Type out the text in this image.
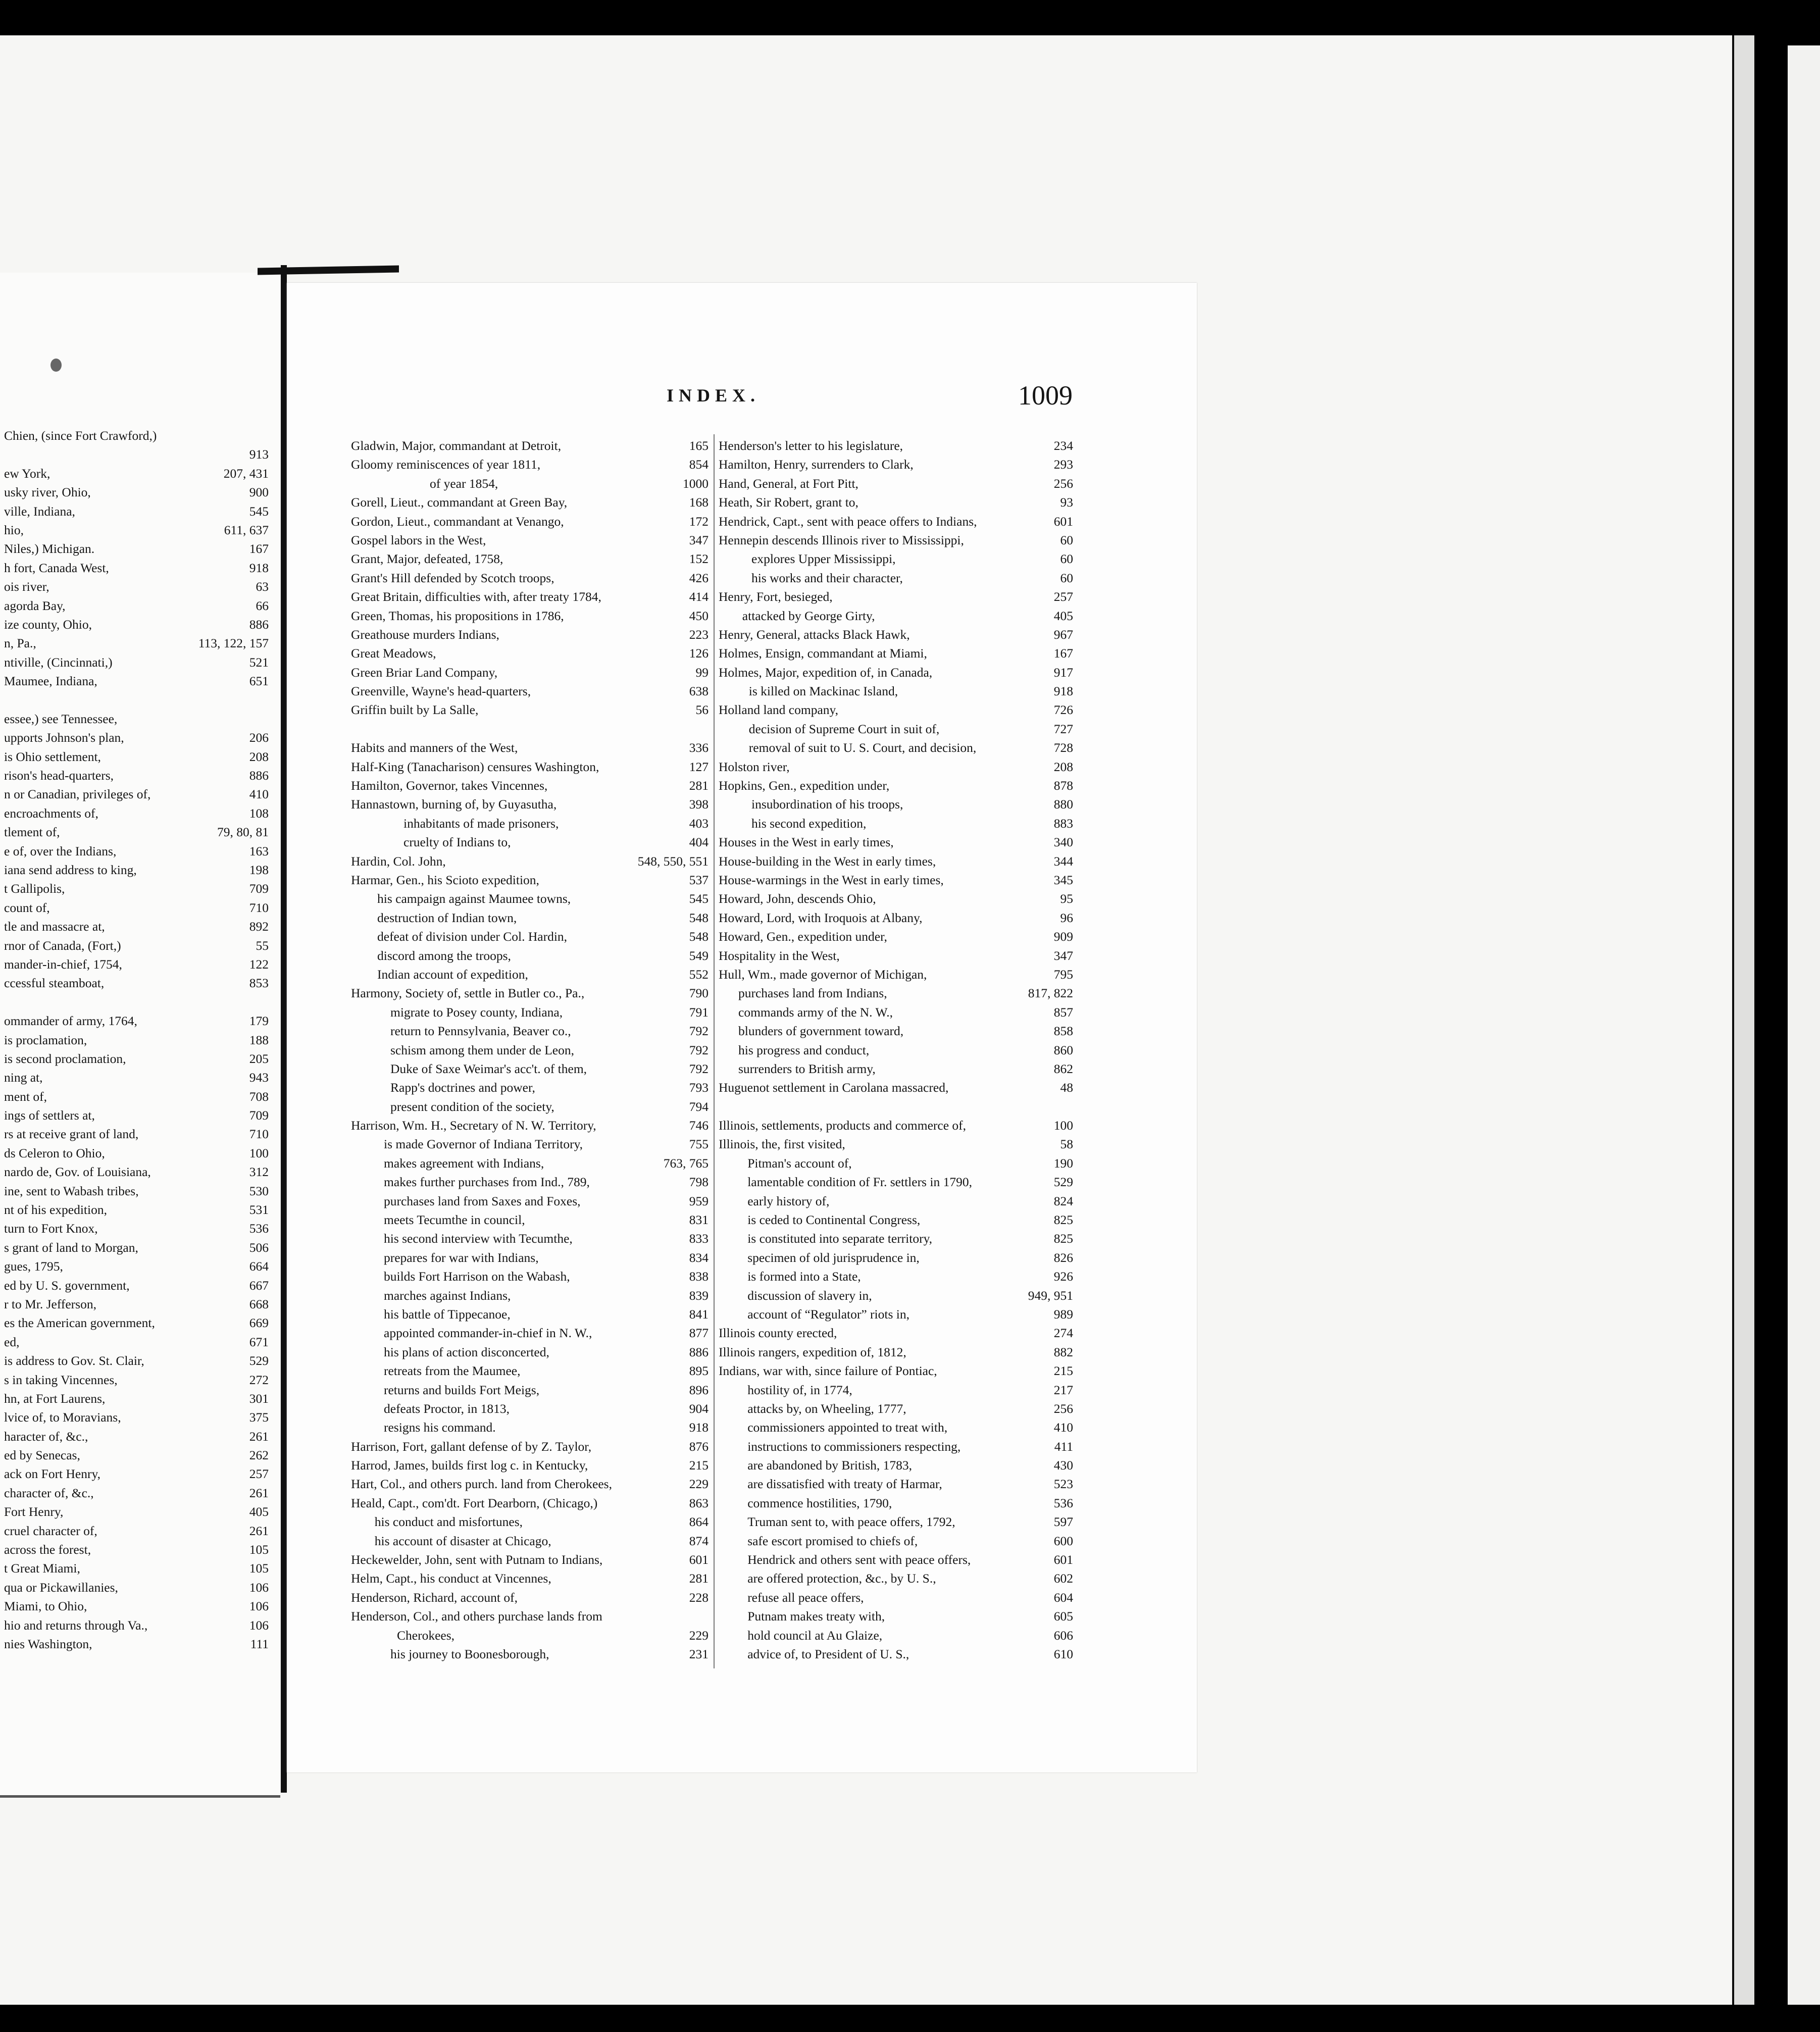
Chien, (since Fort Crawford,)
913
ew York,	207, 431
usky river, Ohio,	900
ville, Indiana,	545
hio,	611, 637
Niles,) Michigan.	167
h fort, Canada West,	918
ois river,	63
agorda Bay,	66
ize county, Ohio,	886
n, Pa.,	113, 122, 157
ntiville, (Cincinnati,)	521
Maumee, Indiana,	651
essee,) see Tennessee,
upports Johnson's plan,	206
is Ohio settlement,	208
rison's head-quarters,	886
n or Canadian, privileges of,	410
encroachments of,	108
tlement of,	79, 80, 81
e of, over the Indians,	163
iana send address to king,	198
t Gallipolis,	709
count of,	710
tle and massacre at,	892
rnor of Canada, (Fort,)	55
mander-in-chief, 1754,	122
ccessful steamboat,	853
ommander of army, 1764,	179
is proclamation,	188
is second proclamation,	205
ning at,	943
ment of,	708
ings of settlers at,	709
rs at receive grant of land,	710
ds Celeron to Ohio,	100
nardo de, Gov. of Louisiana,	312
ine, sent to Wabash tribes,	530
nt of his expedition,	531
turn to Fort Knox,	536
s grant of land to Morgan,	506
gues, 1795,	664
ed by U. S. government,	667
r to Mr. Jefferson,	668
es the American government,	669
ed,	671
is address to Gov. St. Clair,	529
s in taking Vincennes,	272
hn, at Fort Laurens,	301
lvice of, to Moravians,	375
haracter of, &c.,	261
ed by Senecas,	262
ack on Fort Henry,	257
character of, &c.,	261
Fort Henry,	405
cruel character of,	261
across the forest,	105
t Great Miami,	105
qua or Pickawillanies,	106
Miami, to Ohio,	106
hio and returns through Va.,	106
nies Washington,	111
INDEX.	1009
Gladwin, Major, commandant at Detroit,	165
Gloomy reminiscences of year 1811,	854
of year 1854,	1000
Gorell, Lieut., commandant at Green Bay,	168
Gordon, Lieut., commandant at Venango,	172
Gospel labors in the West,	347
Grant, Major, defeated, 1758,	152
Grant's Hill defended by Scotch troops,	426
Great Britain, difficulties with, after treaty 1784,	414
Green, Thomas, his propositions in 1786,	450
Greathouse murders Indians,	223
Great Meadows,	126
Green Briar Land Company,	99
Greenville, Wayne's head-quarters,	638
Griffin built by La Salle,	56
Habits and manners of the West,	336
Half-King (Tanacharison) censures Washington,	127
Hamilton, Governor, takes Vincennes,	281
Hannastown, burning of, by Guyasutha,	398
inhabitants of made prisoners,	403
cruelty of Indians to,	404
Hardin, Col. John,	548, 550, 551
Harmar, Gen., his Scioto expedition,	537
his campaign against Maumee towns,	545
destruction of Indian town,	548
defeat of division under Col. Hardin,	548
discord among the troops,	549
Indian account of expedition,	552
Harmony, Society of, settle in Butler co., Pa.,	790
migrate to Posey county, Indiana,	791
return to Pennsylvania, Beaver co.,	792
schism among them under de Leon,	792
Duke of Saxe Weimar's acc't. of them,	792
Rapp's doctrines and power,	793
present condition of the society,	794
Harrison, Wm. H., Secretary of N. W. Territory,	746
is made Governor of Indiana Territory,	755
makes agreement with Indians,	763, 765
makes further purchases from Ind., 789,	798
purchases land from Saxes and Foxes,	959
meets Tecumthe in council,	831
his second interview with Tecumthe,	833
prepares for war with Indians,	834
builds Fort Harrison on the Wabash,	838
marches against Indians,	839
his battle of Tippecanoe,	841
appointed commander-in-chief in N. W.,	877
his plans of action disconcerted,	886
retreats from the Maumee,	895
returns and builds Fort Meigs,	896
defeats Proctor, in 1813,	904
resigns his command.	918
Harrison, Fort, gallant defense of by Z. Taylor,	876
Harrod, James, builds first log c. in Kentucky,	215
Hart, Col., and others purch. land from Cherokees,	229
Heald, Capt., com'dt. Fort Dearborn, (Chicago,)	863
his conduct and misfortunes,	864
his account of disaster at Chicago,	874
Heckewelder, John, sent with Putnam to Indians,	601
Helm, Capt., his conduct at Vincennes,	281
Henderson, Richard, account of,	228
Henderson, Col., and others purchase lands from
Cherokees,	229
his journey to Boonesborough,	231
Henderson's letter to his legislature,	234
Hamilton, Henry, surrenders to Clark,	293
Hand, General, at Fort Pitt,	256
Heath, Sir Robert, grant to,	93
Hendrick, Capt., sent with peace offers to Indians,	601
Hennepin descends Illinois river to Mississippi,	60
explores Upper Mississippi,	60
his works and their character,	60
Henry, Fort, besieged,	257
attacked by George Girty,	405
Henry, General, attacks Black Hawk,	967
Holmes, Ensign, commandant at Miami,	167
Holmes, Major, expedition of, in Canada,	917
is killed on Mackinac Island,	918
Holland land company,	726
decision of Supreme Court in suit of,	727
removal of suit to U. S. Court, and decision,	728
Holston river,	208
Hopkins, Gen., expedition under,	878
insubordination of his troops,	880
his second expedition,	883
Houses in the West in early times,	340
House-building in the West in early times,	344
House-warmings in the West in early times,	345
Howard, John, descends Ohio,	95
Howard, Lord, with Iroquois at Albany,	96
Howard, Gen., expedition under,	909
Hospitality in the West,	347
Hull, Wm., made governor of Michigan,	795
purchases land from Indians,	817, 822
commands army of the N. W.,	857
blunders of government toward,	858
his progress and conduct,	860
surrenders to British army,	862
Huguenot settlement in Carolana massacred,	48
Illinois, settlements, products and commerce of,	100
Illinois, the, first visited,	58
Pitman's account of,	190
lamentable condition of Fr. settlers in 1790,	529
early history of,	824
is ceded to Continental Congress,	825
is constituted into separate territory,	825
specimen of old jurisprudence in,	826
is formed into a State,	926
discussion of slavery in,	949, 951
account of “Regulator” riots in,	989
Illinois county erected,	274
Illinois rangers, expedition of, 1812,	882
Indians, war with, since failure of Pontiac,	215
hostility of, in 1774,	217
attacks by, on Wheeling, 1777,	256
commissioners appointed to treat with,	410
instructions to commissioners respecting,	411
are abandoned by British, 1783,	430
are dissatisfied with treaty of Harmar,	523
commence hostilities, 1790,	536
Truman sent to, with peace offers, 1792,	597
safe escort promised to chiefs of,	600
Hendrick and others sent with peace offers,	601
are offered protection, &c., by U. S.,	602
refuse all peace offers,	604
Putnam makes treaty with,	605
hold council at Au Glaize,	606
advice of, to President of U. S.,	610
